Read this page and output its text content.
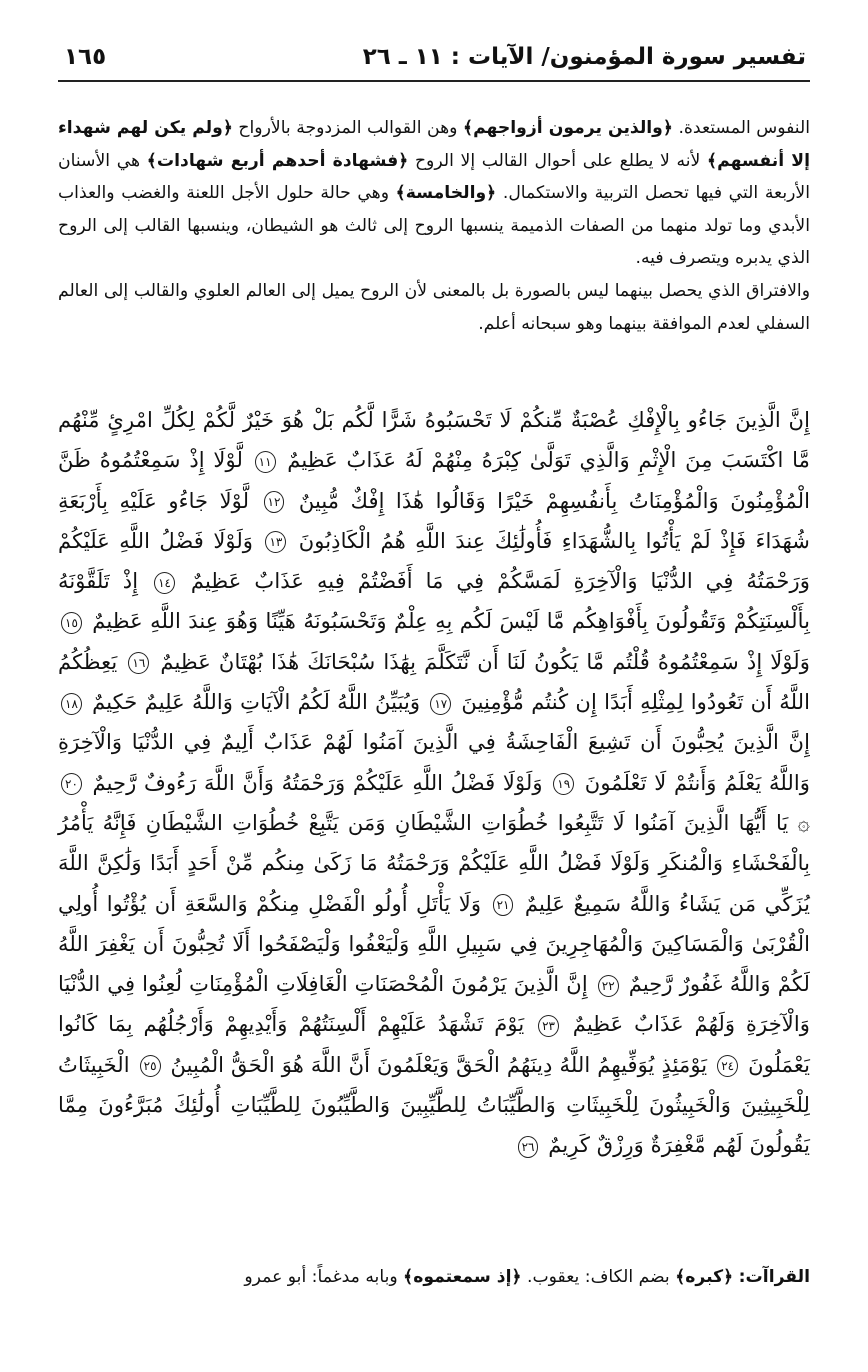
تفسير سورة المؤمنون/ الآيات : ١١ ـ ٢٦
١٦٥

النفوس المستعدة. ﴿والذين يرمون أزواجهم﴾ وهن القوالب المزدوجة بالأرواح ﴿ولم يكن لهم شهداء إلا أنفسهم﴾ لأنه لا يطلع على أحوال القالب إلا الروح ﴿فشهادة أحدهم أربع شهادات﴾ هي الأسنان الأربعة التي فيها تحصل التربية والاستكمال. ﴿والخامسة﴾ وهي حالة حلول الأجل اللعنة والغضب والعذاب الأبدي وما تولد منهما من الصفات الذميمة ينسبها الروح إلى ثالث هو الشيطان، وينسبها القالب إلى الروح الذي يدبره ويتصرف فيه.

والافتراق الذي يحصل بينهما ليس بالصورة بل بالمعنى لأن الروح يميل إلى العالم العلوي والقالب إلى العالم السفلي لعدم الموافقة بينهما وهو سبحانه أعلم.

إِنَّ الَّذِينَ جَاءُو بِالْإِفْكِ عُصْبَةٌ مِّنكُمْ لَا تَحْسَبُوهُ شَرًّا لَّكُم بَلْ هُوَ خَيْرٌ لَّكُمْ لِكُلِّ امْرِئٍ مِّنْهُم مَّا اكْتَسَبَ مِنَ الْإِثْمِ وَالَّذِي تَوَلَّىٰ كِبْرَهُ مِنْهُمْ لَهُ عَذَابٌ عَظِيمٌ ١١ لَّوْلَا إِذْ سَمِعْتُمُوهُ ظَنَّ الْمُؤْمِنُونَ وَالْمُؤْمِنَاتُ بِأَنفُسِهِمْ خَيْرًا وَقَالُوا هَٰذَا إِفْكٌ مُّبِينٌ ١٢ لَّوْلَا جَاءُو عَلَيْهِ بِأَرْبَعَةِ شُهَدَاءَ فَإِذْ لَمْ يَأْتُوا بِالشُّهَدَاءِ فَأُولَٰئِكَ عِندَ اللَّهِ هُمُ الْكَاذِبُونَ ١٣ وَلَوْلَا فَضْلُ اللَّهِ عَلَيْكُمْ وَرَحْمَتُهُ فِي الدُّنْيَا وَالْآخِرَةِ لَمَسَّكُمْ فِي مَا أَفَضْتُمْ فِيهِ عَذَابٌ عَظِيمٌ ١٤ إِذْ تَلَقَّوْنَهُ بِأَلْسِنَتِكُمْ وَتَقُولُونَ بِأَفْوَاهِكُم مَّا لَيْسَ لَكُم بِهِ عِلْمٌ وَتَحْسَبُونَهُ هَيِّنًا وَهُوَ عِندَ اللَّهِ عَظِيمٌ ١٥ وَلَوْلَا إِذْ سَمِعْتُمُوهُ قُلْتُم مَّا يَكُونُ لَنَا أَن نَّتَكَلَّمَ بِهَٰذَا سُبْحَانَكَ هَٰذَا بُهْتَانٌ عَظِيمٌ ١٦ يَعِظُكُمُ اللَّهُ أَن تَعُودُوا لِمِثْلِهِ أَبَدًا إِن كُنتُم مُّؤْمِنِينَ ١٧ وَيُبَيِّنُ اللَّهُ لَكُمُ الْآيَاتِ وَاللَّهُ عَلِيمٌ حَكِيمٌ ١٨ إِنَّ الَّذِينَ يُحِبُّونَ أَن تَشِيعَ الْفَاحِشَةُ فِي الَّذِينَ آمَنُوا لَهُمْ عَذَابٌ أَلِيمٌ فِي الدُّنْيَا وَالْآخِرَةِ وَاللَّهُ يَعْلَمُ وَأَنتُمْ لَا تَعْلَمُونَ ١٩ وَلَوْلَا فَضْلُ اللَّهِ عَلَيْكُمْ وَرَحْمَتُهُ وَأَنَّ اللَّهَ رَءُوفٌ رَّحِيمٌ ٢٠ ۞ يَا أَيُّهَا الَّذِينَ آمَنُوا لَا تَتَّبِعُوا خُطُوَاتِ الشَّيْطَانِ وَمَن يَتَّبِعْ خُطُوَاتِ الشَّيْطَانِ فَإِنَّهُ يَأْمُرُ بِالْفَحْشَاءِ وَالْمُنكَرِ وَلَوْلَا فَضْلُ اللَّهِ عَلَيْكُمْ وَرَحْمَتُهُ مَا زَكَىٰ مِنكُم مِّنْ أَحَدٍ أَبَدًا وَلَٰكِنَّ اللَّهَ يُزَكِّي مَن يَشَاءُ وَاللَّهُ سَمِيعٌ عَلِيمٌ ٢١ وَلَا يَأْتَلِ أُولُو الْفَضْلِ مِنكُمْ وَالسَّعَةِ أَن يُؤْتُوا أُولِي الْقُرْبَىٰ وَالْمَسَاكِينَ وَالْمُهَاجِرِينَ فِي سَبِيلِ اللَّهِ وَلْيَعْفُوا وَلْيَصْفَحُوا أَلَا تُحِبُّونَ أَن يَغْفِرَ اللَّهُ لَكُمْ وَاللَّهُ غَفُورٌ رَّحِيمٌ ٢٢ إِنَّ الَّذِينَ يَرْمُونَ الْمُحْصَنَاتِ الْغَافِلَاتِ الْمُؤْمِنَاتِ لُعِنُوا فِي الدُّنْيَا وَالْآخِرَةِ وَلَهُمْ عَذَابٌ عَظِيمٌ ٢٣ يَوْمَ تَشْهَدُ عَلَيْهِمْ أَلْسِنَتُهُمْ وَأَيْدِيهِمْ وَأَرْجُلُهُم بِمَا كَانُوا يَعْمَلُونَ ٢٤ يَوْمَئِذٍ يُوَفِّيهِمُ اللَّهُ دِينَهُمُ الْحَقَّ وَيَعْلَمُونَ أَنَّ اللَّهَ هُوَ الْحَقُّ الْمُبِينُ ٢٥ الْخَبِيثَاتُ لِلْخَبِيثِينَ وَالْخَبِيثُونَ لِلْخَبِيثَاتِ وَالطَّيِّبَاتُ لِلطَّيِّبِينَ وَالطَّيِّبُونَ لِلطَّيِّبَاتِ أُولَٰئِكَ مُبَرَّءُونَ مِمَّا يَقُولُونَ لَهُم مَّغْفِرَةٌ وَرِزْقٌ كَرِيمٌ ٢٦
القراآت: ﴿كبره﴾ بضم الكاف: يعقوب. ﴿إذ سمعتموه﴾ وبابه مدغماً: أبو عمرو
